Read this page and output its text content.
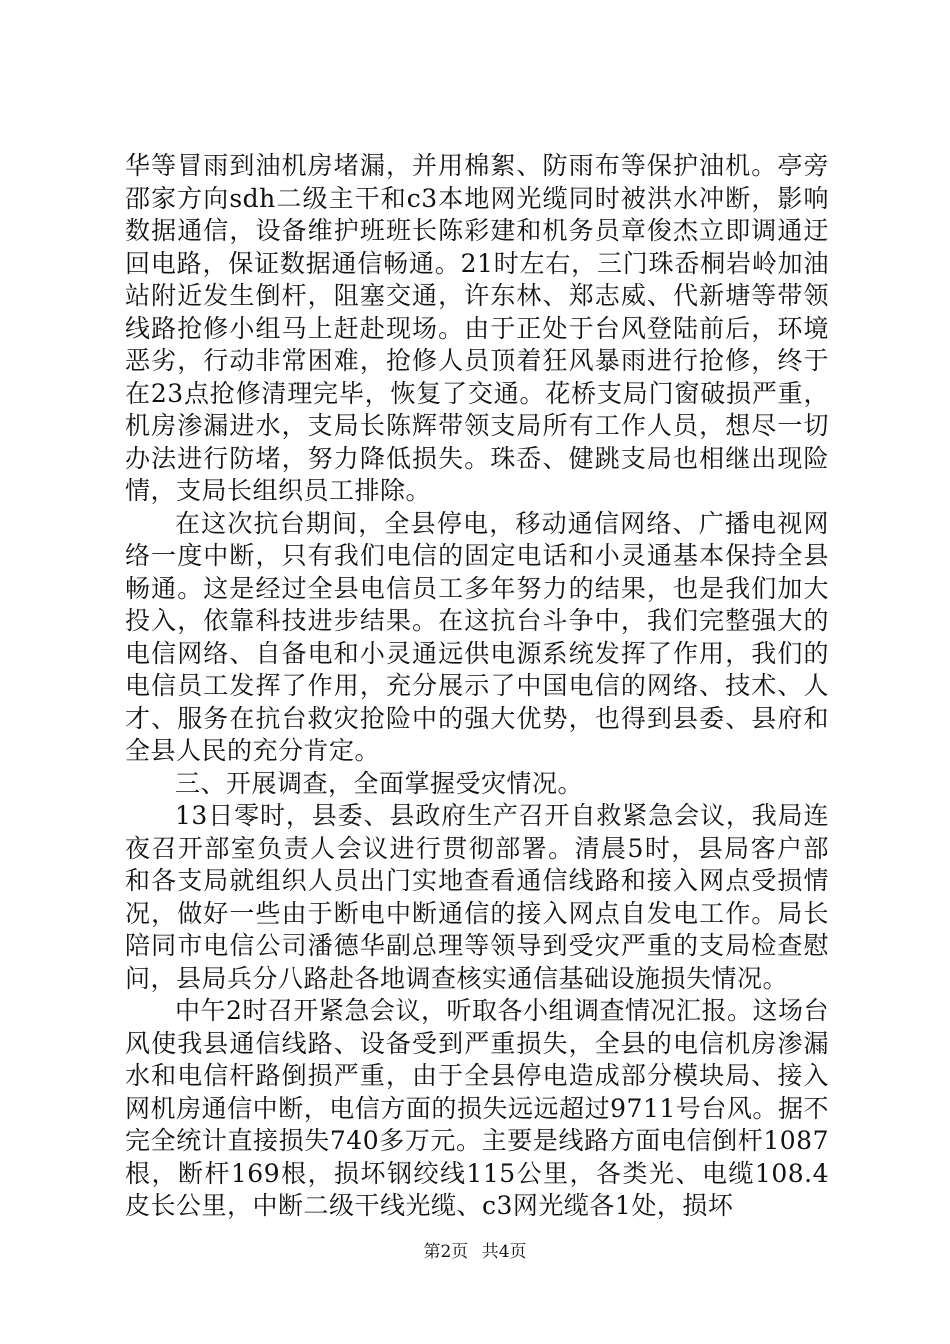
华等冒雨到油机房堵漏，并用棉絮、防雨布等保护油机。亭旁邵家方向sdh二级主干和c3本地网光缆同时被洪水冲断，影响数据通信，设备维护班班长陈彩建和机务员章俊杰立即调通迂回电路，保证数据通信畅通。21时左右，三门珠岙桐岩岭加油站附近发生倒杆，阻塞交通，许东林、郑志威、代新塘等带领线路抢修小组马上赶赴现场。由于正处于台风登陆前后，环境恶劣，行动非常困难，抢修人员顶着狂风暴雨进行抢修，终于在23点抢修清理完毕，恢复了交通。花桥支局门窗破损严重，机房渗漏进水，支局长陈辉带领支局所有工作人员，想尽一切办法进行防堵，努力降低损失。珠岙、健跳支局也相继出现险情，支局长组织员工排除。

在这次抗台期间，全县停电，移动通信网络、广播电视网络一度中断，只有我们电信的固定电话和小灵通基本保持全县畅通。这是经过全县电信员工多年努力的结果，也是我们加大投入，依靠科技进步结果。在这抗台斗争中，我们完整强大的电信网络、自备电和小灵通远供电源系统发挥了作用，我们的电信员工发挥了作用，充分展示了中国电信的网络、技术、人才、服务在抗台救灾抢险中的强大优势，也得到县委、县府和全县人民的充分肯定。

三、开展调查，全面掌握受灾情况。

13日零时，县委、县政府生产召开自救紧急会议，我局连夜召开部室负责人会议进行贯彻部署。清晨5时，县局客户部和各支局就组织人员出门实地查看通信线路和接入网点受损情况，做好一些由于断电中断通信的接入网点自发电工作。局长陪同市电信公司潘德华副总理等领导到受灾严重的支局检查慰问，县局兵分八路赴各地调查核实通信基础设施损失情况。

中午2时召开紧急会议，听取各小组调查情况汇报。这场台风使我县通信线路、设备受到严重损失，全县的电信机房渗漏水和电信杆路倒损严重，由于全县停电造成部分模块局、接入网机房通信中断，电信方面的损失远远超过9711号台风。据不完全统计直接损失740多万元。主要是线路方面电信倒杆1087根，断杆169根，损坏钢绞线115公里，各类光、电缆108.4皮长公里，中断二级干线光缆、c3网光缆各1处，损坏

第2页 共4页
